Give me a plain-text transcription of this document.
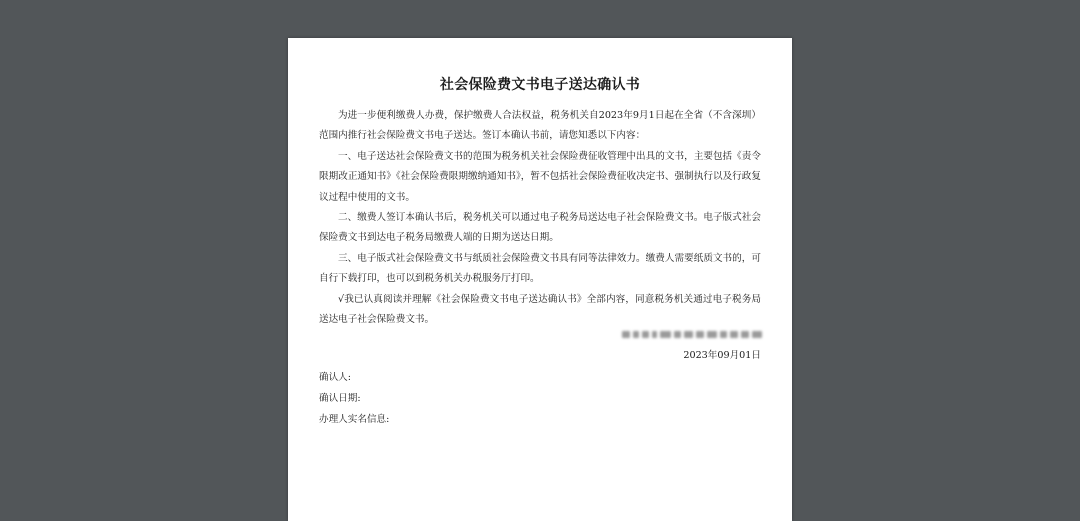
社会保险费文书电子送达确认书

为进一步便利缴费人办费，保护缴费人合法权益，税务机关自2023年9月1日起在全省（不含深圳）范围内推行社会保险费文书电子送达。签订本确认书前，请您知悉以下内容：

一、电子送达社会保险费文书的范围为税务机关社会保险费征收管理中出具的文书，主要包括《责令限期改正通知书》《社会保险费限期缴纳通知书》，暂不包括社会保险费征收决定书、强制执行以及行政复议过程中使用的文书。

二、缴费人签订本确认书后，税务机关可以通过电子税务局送达电子社会保险费文书。电子版式社会保险费文书到达电子税务局缴费人端的日期为送达日期。

三、电子版式社会保险费文书与纸质社会保险费文书具有同等法律效力。缴费人需要纸质文书的，可自行下载打印，也可以到税务机关办税服务厅打印。

√我已认真阅读并理解《社会保险费文书电子送达确认书》全部内容，同意税务机关通过电子税务局送达电子社会保险费文书。

2023年09月01日
确认人:
确认日期:
办理人实名信息:
